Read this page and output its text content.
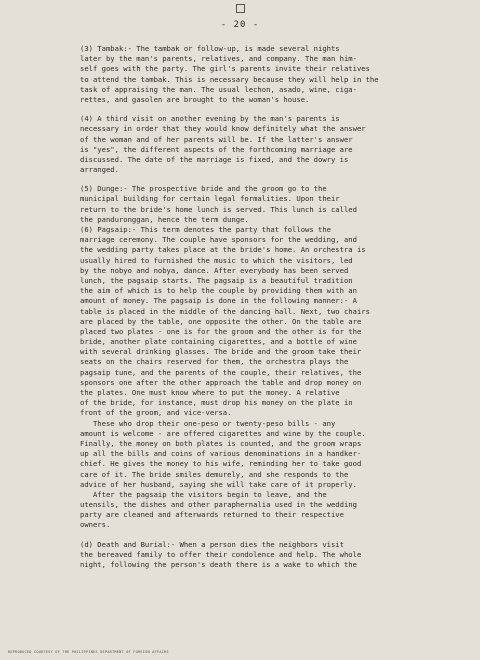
- 20 -
(3) Tambak:- The tambak or follow-up, is made several nights
later by the man's parents, relatives, and company. The man him-
self goes with the party. The girl's parents invite their relatives
to attend the tambak. This is necessary because they will help in the
task of appraising the man. The usual lechon, asado, wine, ciga-
rettes, and gasolen are brought to the woman's house.
(4) A third visit on another evening by the man's parents is
necessary in order that they would know definitely what the answer
of the woman and of her parents will be. If the latter's answer
is "yes", the different aspects of the forthcoming marriage are
discussed. The date of the marriage is fixed, and the dowry is
arranged.
(5) Dunge:- The prospective bride and the groom go to the
municipal building for certain legal formalities. Upon their
return to the bride's home lunch is served. This lunch is called
the panduronggan, hence the term dunge.
(6) Pagsaip:- This term denotes the party that follows the
marriage ceremony. The couple have sponsors for the wedding, and
the wedding party takes place at the bride's home. An orchestra is
usually hired to furnished the music to which the visitors, led
by the nobyo and nobya, dance. After everybody has been served
lunch, the pagsaip starts. The pagsaip is a beautiful tradition
the aim of which is to help the couple by providing them with an
amount of money. The pagsaip is done in the following manner:- A
table is placed in the middle of the dancing hall. Next, two chairs
are placed by the table, one opposite the other. On the table are
placed two plates - one is for the groom and the other is for the
bride, another plate containing cigarettes, and a bottle of wine
with several drinking glasses. The bride and the groom take their
seats on the chairs reserved for them, the orchestra plays the
pagsaip tune, and the parents of the couple, their relatives, the
sponsors one after the other approach the table and drop money on
the plates. One must know where to put the money. A relative
of the bride, for instance, must drop his money on the plate in
front of the groom, and vice-versa.
These who drop their one-peso or twenty-peso bills - any
amount is welcome - are offered cigarettes and wine by the couple.
Finally, the money on both plates is counted, and the groom wraps
up all the bills and coins of various denominations in a handker-
chief. He gives the money to his wife, reminding her to take good
care of it. The bride smiles demurely, and she responds to the
advice of her husband, saying she will take care of it properly.
After the pagsaip the visitors begin to leave, and the
utensils, the dishes and other paraphernalia used in the wedding
party are cleaned and afterwards returned to their respective
owners.
(d) Death and Burial:- When a person dies the neighbors visit
the bereaved family to offer their condolence and help. The whole
night, following the person's death there is a wake to which the
REPRODUCED COURTESY OF THE PHILIPPINES DEPARTMENT OF FOREIGN AFFAIRS
